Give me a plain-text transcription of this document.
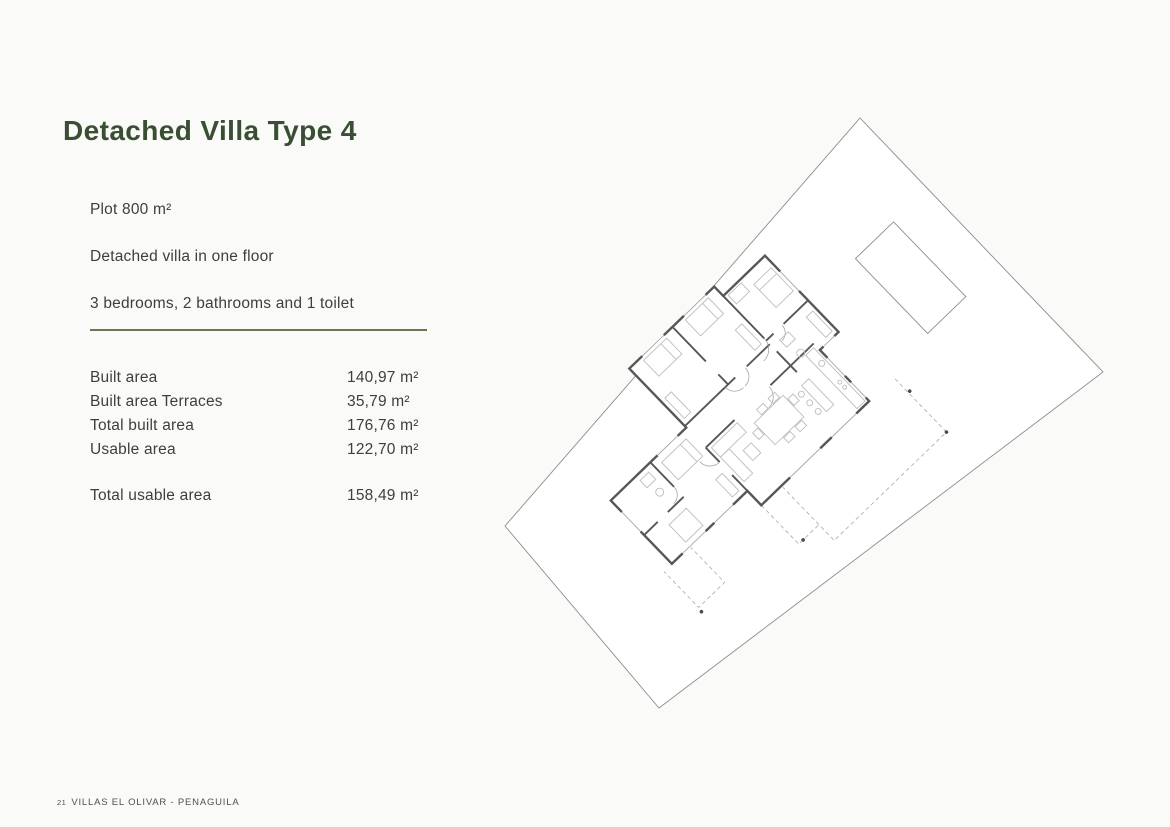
Detached Villa Type 4
Plot 800 m²
Detached villa in one floor
3 bedrooms, 2 bathrooms and 1 toilet
Built area	140,97 m²
Built area Terraces	35,79 m²
Total built area	176,76 m²
Usable area	122,70 m²
Total usable area	158,49 m²
21 VILLAS EL OLIVAR - PENAGUILA
